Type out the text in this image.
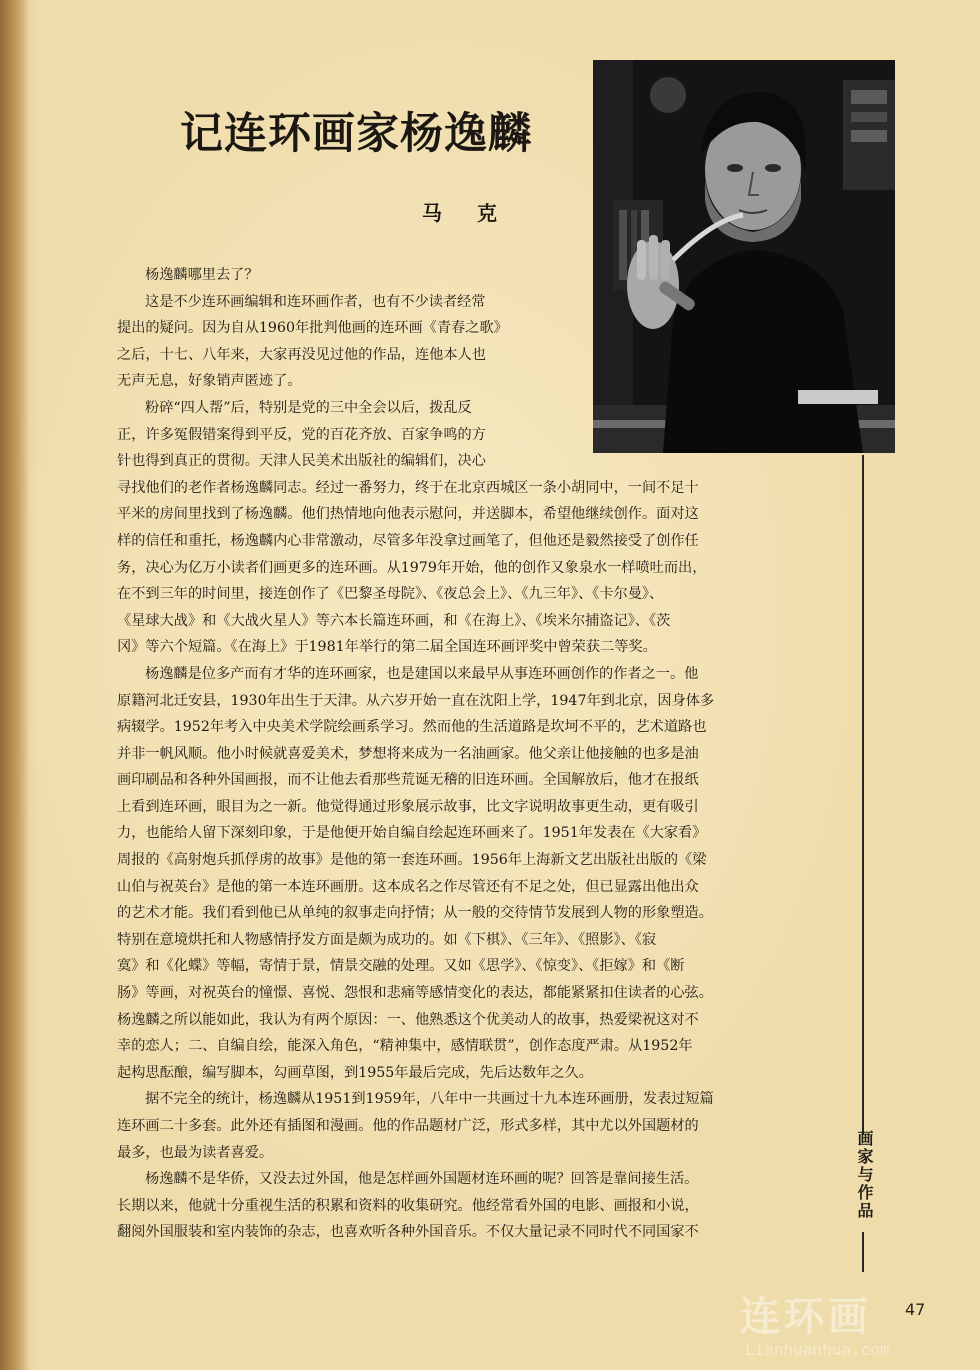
记连环画家杨逸麟
马 克
画家与作品
杨逸麟哪里去了？
这是不少连环画编辑和连环画作者，也有不少读者经常
提出的疑问。因为自从1960年批判他画的连环画《青春之歌》
之后，十七、八年来，大家再没见过他的作品，连他本人也
无声无息，好象销声匿迹了。
粉碎“四人帮”后，特别是党的三中全会以后，拨乱反
正，许多冤假错案得到平反，党的百花齐放、百家争鸣的方
针也得到真正的贯彻。天津人民美术出版社的编辑们，决心
寻找他们的老作者杨逸麟同志。经过一番努力，终于在北京西城区一条小胡同中，一间不足十
平米的房间里找到了杨逸麟。他们热情地向他表示慰问，并送脚本，希望他继续创作。面对这
样的信任和重托，杨逸麟内心非常激动，尽管多年没拿过画笔了，但他还是毅然接受了创作任
务，决心为亿万小读者们画更多的连环画。从1979年开始，他的创作又象泉水一样喷吐而出，
在不到三年的时间里，接连创作了《巴黎圣母院》、《夜总会上》、《九三年》、《卡尔曼》、
《星球大战》和《大战火星人》等六本长篇连环画，和《在海上》、《埃米尔捕盗记》、《茨
冈》等六个短篇。《在海上》于1981年举行的第二届全国连环画评奖中曾荣获二等奖。
杨逸麟是位多产而有才华的连环画家，也是建国以来最早从事连环画创作的作者之一。他
原籍河北迁安县，1930年出生于天津。从六岁开始一直在沈阳上学，1947年到北京，因身体多
病辍学。1952年考入中央美术学院绘画系学习。然而他的生活道路是坎坷不平的，艺术道路也
并非一帆风顺。他小时候就喜爱美术，梦想将来成为一名油画家。他父亲让他接触的也多是油
画印刷品和各种外国画报，而不让他去看那些荒诞无稽的旧连环画。全国解放后，他才在报纸
上看到连环画，眼目为之一新。他觉得通过形象展示故事，比文字说明故事更生动，更有吸引
力，也能给人留下深刻印象，于是他便开始自编自绘起连环画来了。1951年发表在《大家看》
周报的《高射炮兵抓俘虏的故事》是他的第一套连环画。1956年上海新文艺出版社出版的《梁
山伯与祝英台》是他的第一本连环画册。这本成名之作尽管还有不足之处，但已显露出他出众
的艺术才能。我们看到他已从单纯的叙事走向抒情；从一般的交待情节发展到人物的形象塑造。
特别在意境烘托和人物感情抒发方面是颇为成功的。如《下棋》、《三年》、《照影》、《寂
寞》和《化蝶》等幅，寄情于景，情景交融的处理。又如《思学》、《惊变》、《拒嫁》和《断
肠》等画，对祝英台的憧憬、喜悦、怨恨和悲痛等感情变化的表达，都能紧紧扣住读者的心弦。
杨逸麟之所以能如此，我认为有两个原因：一、他熟悉这个优美动人的故事，热爱梁祝这对不
幸的恋人；二、自编自绘，能深入角色，“精神集中，感情联贯”，创作态度严肃。从1952年
起构思酝酿，编写脚本，勾画草图，到1955年最后完成，先后达数年之久。
据不完全的统计，杨逸麟从1951到1959年，八年中一共画过十九本连环画册，发表过短篇
连环画二十多套。此外还有插图和漫画。他的作品题材广泛，形式多样，其中尤以外国题材的
最多，也最为读者喜爱。
杨逸麟不是华侨，又没去过外国，他是怎样画外国题材连环画的呢？回答是靠间接生活。
长期以来，他就十分重视生活的积累和资料的收集研究。他经常看外国的电影、画报和小说，
翻阅外国服装和室内装饰的杂志，也喜欢听各种外国音乐。不仅大量记录不同时代不同国家不
连环画
Lianhuanhua.com
47
